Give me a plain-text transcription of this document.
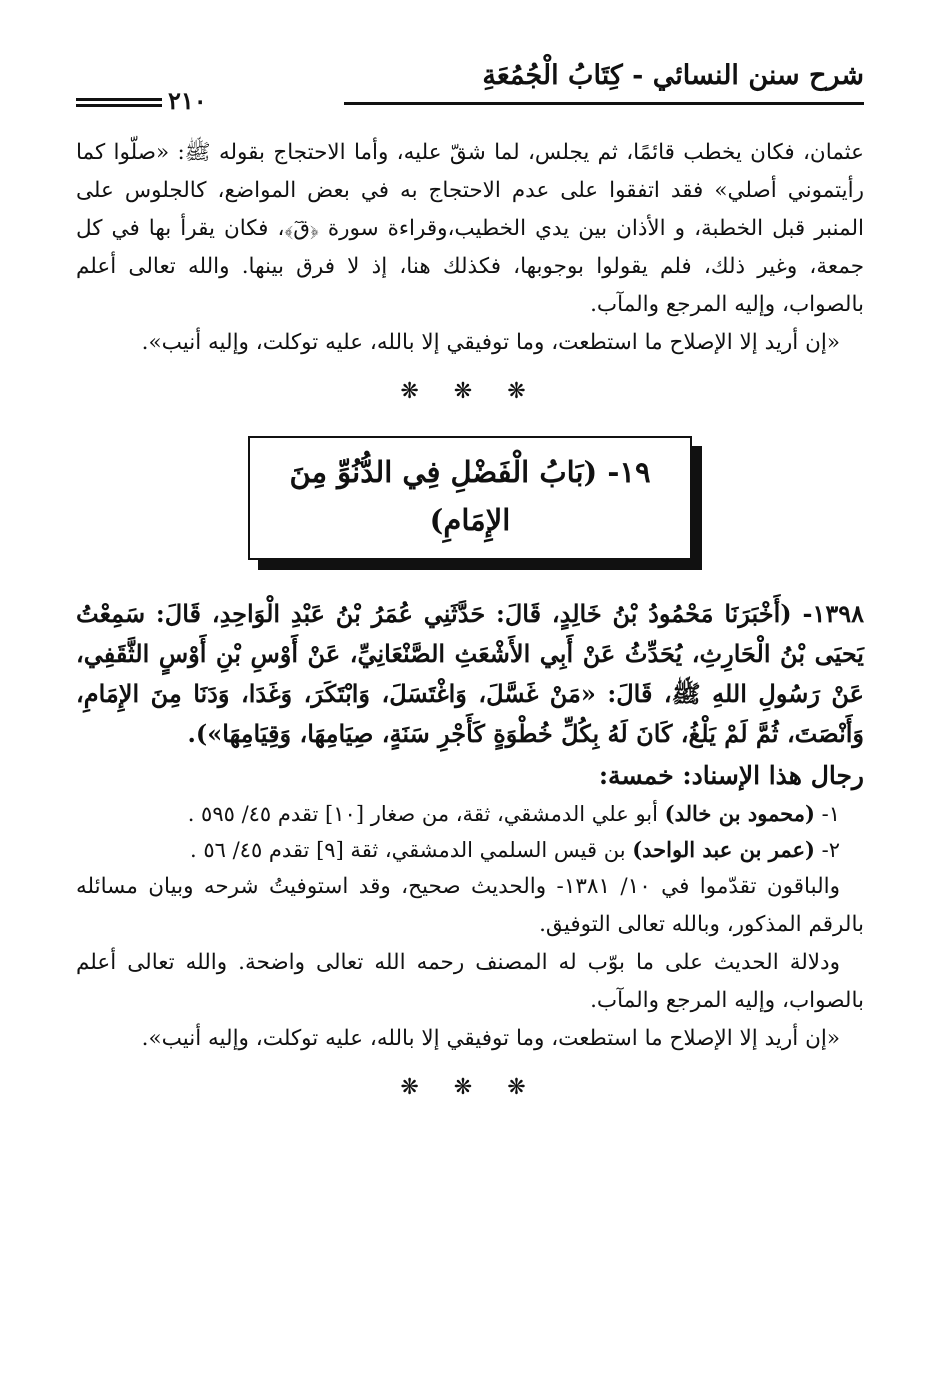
شرح سنن النسائي - كِتَابُ الْجُمُعَةِ
٢١٠

عثمان، فكان يخطب قائمًا، ثم يجلس، لما شقّ عليه، وأما الاحتجاج بقوله ﷺ: «صلّوا كما رأيتموني أصلي» فقد اتفقوا على عدم الاحتجاج به في بعض المواضع، كالجلوس على المنبر قبل الخطبة، و الأذان بين يدي الخطيب،وقراءة سورة ﴿قٓ﴾، فكان يقرأ بها في كل جمعة، وغير ذلك، فلم يقولوا بوجوبها، فكذلك هنا، إذ لا فرق بينها. والله تعالى أعلم بالصواب، وإليه المرجع والمآب.

«إن أريد إلا الإصلاح ما استطعت، وما توفيقي إلا بالله، عليه توكلت، وإليه أنيب».

❋ ❋ ❋
١٩- (بَابُ الْفَضْلِ فِي الدُّنُوِّ مِنَ الإِمَامِ)

١٣٩٨- (أَخْبَرَنَا مَحْمُودُ بْنُ خَالِدٍ، قَالَ: حَدَّثَنِي عُمَرُ بْنُ عَبْدِ الْوَاحِدِ، قَالَ: سَمِعْتُ يَحيَى بْنُ الْحَارِثِ، يُحَدِّثُ عَنْ أَبِي الأَشْعَثِ الصَّنْعَانِيِّ، عَنْ أَوْسِ بْنِ أَوْسٍ الثَّقَفِي، عَنْ رَسُولِ اللهِ ﷺ، قَالَ: «مَنْ غَسَّلَ، وَاغْتَسَلَ، وَابْتَكَرَ، وَغَدَا، وَدَنَا مِنَ الإِمَامِ، وَأَنْصَتَ، ثُمَّ لَمْ يَلْغُ، كَانَ لَهُ بِكُلِّ خُطْوَةٍ كَأَجْرِ سَنَةٍ، صِيَامِهَا، وَقِيَامِهَا»).

رجال هذا الإسناد: خمسة:

١- (محمود بن خالد) أبو علي الدمشقي، ثقة، من صغار [١٠] تقدم ٤٥/ ٥٩٥ .

٢- (عمر بن عبد الواحد) بن قيس السلمي الدمشقي، ثقة [٩] تقدم ٤٥/ ٥٦ .

والباقون تقدّموا في ١٠/ ١٣٨١- والحديث صحيح، وقد استوفيتُ شرحه وبيان مسائله بالرقم المذكور، وبالله تعالى التوفيق.

ودلالة الحديث على ما بوّب له المصنف رحمه الله تعالى واضحة. والله تعالى أعلم بالصواب، وإليه المرجع والمآب.

«إن أريد إلا الإصلاح ما استطعت، وما توفيقي إلا بالله، عليه توكلت، وإليه أنيب».

❋ ❋ ❋
